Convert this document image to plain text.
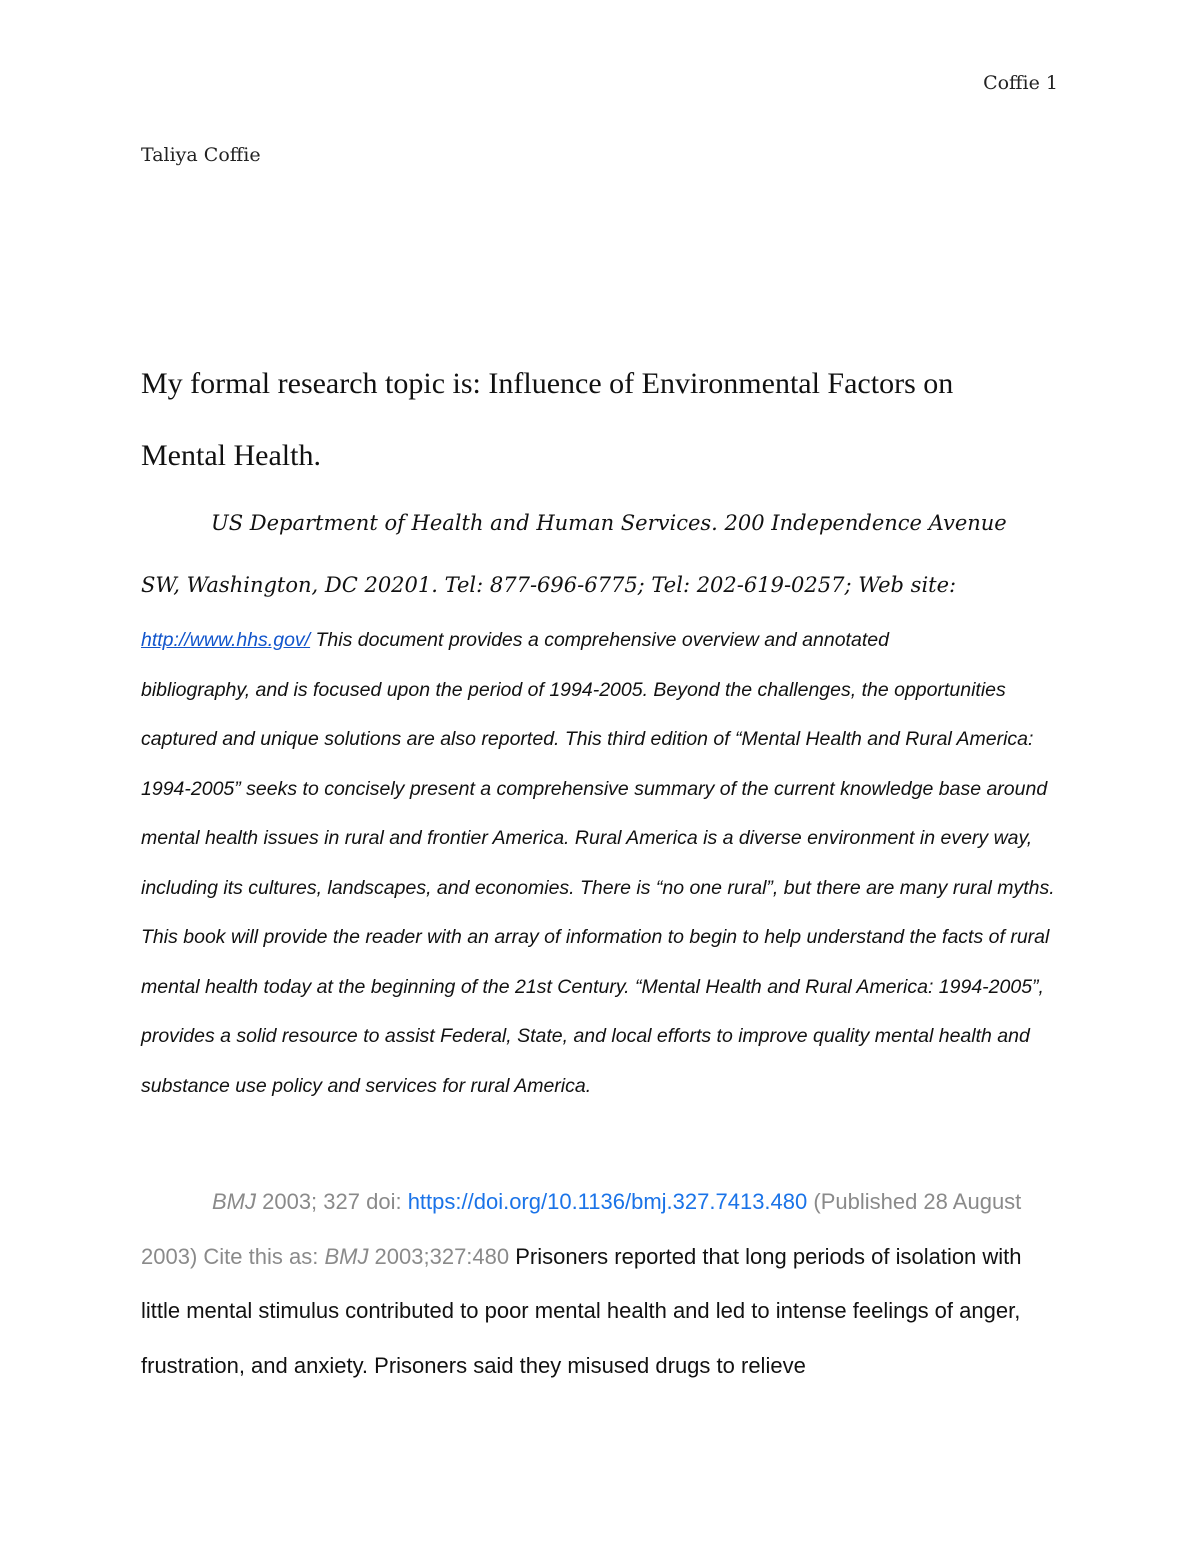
Coffie 1
Taliya Coffie

My formal research topic is: Influence of Environmental Factors on
Mental Health.

US Department of Health and Human Services. 200 Independence Avenue
SW, Washington, DC 20201. Tel: 877-696-6775; Tel: 202-619-0257; Web site:
http://www.hhs.gov/ This document provides a comprehensive overview and annotated
bibliography, and is focused upon the period of 1994-2005. Beyond the challenges, the opportunities captured and unique solutions are also reported. This third edition of “Mental Health and Rural America: 1994-2005” seeks to concisely present a comprehensive summary of the current knowledge base around mental health issues in rural and frontier America. Rural America is a diverse environment in every way, including its cultures, landscapes, and economies. There is “no one rural”, but there are many rural myths. This book will provide the reader with an array of information to begin to help understand the facts of rural mental health today at the beginning of the 21st Century. “Mental Health and Rural America: 1994-2005”, provides a solid resource to assist Federal, State, and local efforts to improve quality mental health and substance use policy and services for rural America.

BMJ 2003; 327 doi: https://doi.org/10.1136/bmj.327.7413.480 (Published 28 August 2003) Cite this as: BMJ 2003;327:480 Prisoners reported that long periods of isolation with little mental stimulus contributed to poor mental health and led to intense feelings of anger, frustration, and anxiety. Prisoners said they misused drugs to relieve
